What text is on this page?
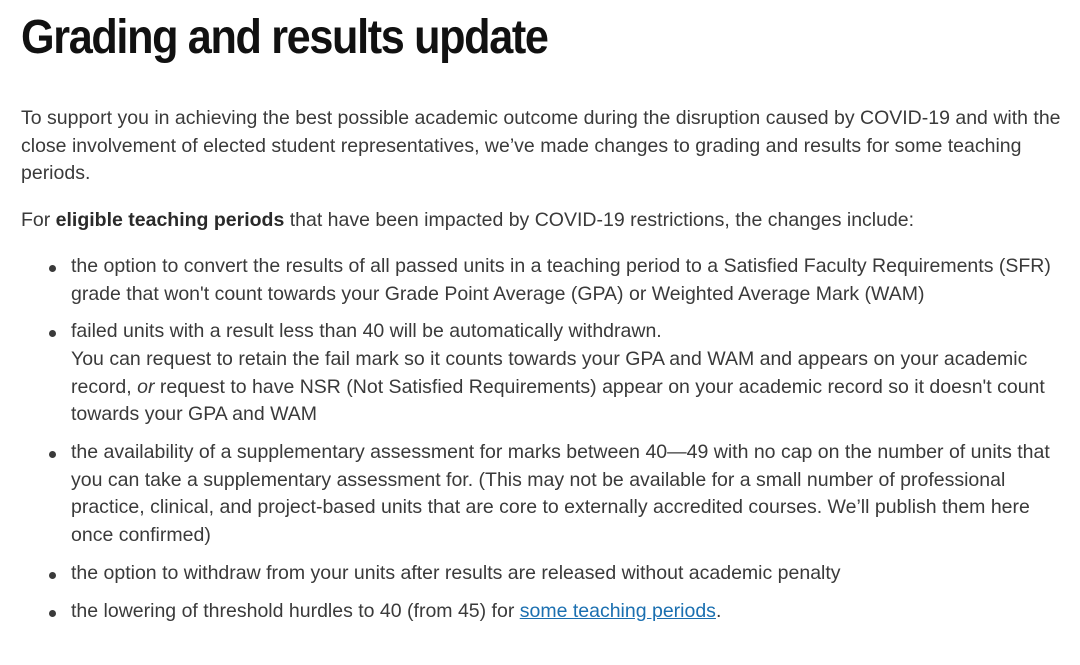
Grading and results update

To support you in achieving the best possible academic outcome during the disruption caused by COVID-19 and with the close involvement of elected student representatives, we’ve made changes to grading and results for some teaching periods.

For eligible teaching periods that have been impacted by COVID-19 restrictions, the changes include:

the option to convert the results of all passed units in a teaching period to a Satisfied Faculty Requirements (SFR) grade that won't count towards your Grade Point Average (GPA) or Weighted Average Mark (WAM)
failed units with a result less than 40 will be automatically withdrawn.
You can request to retain the fail mark so it counts towards your GPA and WAM and appears on your academic record, or request to have NSR (Not Satisfied Requirements) appear on your academic record so it doesn't count towards your GPA and WAM
the availability of a supplementary assessment for marks between 40—49 with no cap on the number of units that you can take a supplementary assessment for. (This may not be available for a small number of professional practice, clinical, and project-based units that are core to externally accredited courses. We’ll publish them here once confirmed)
the option to withdraw from your units after results are released without academic penalty
the lowering of threshold hurdles to 40 (from 45) for some teaching periods.
